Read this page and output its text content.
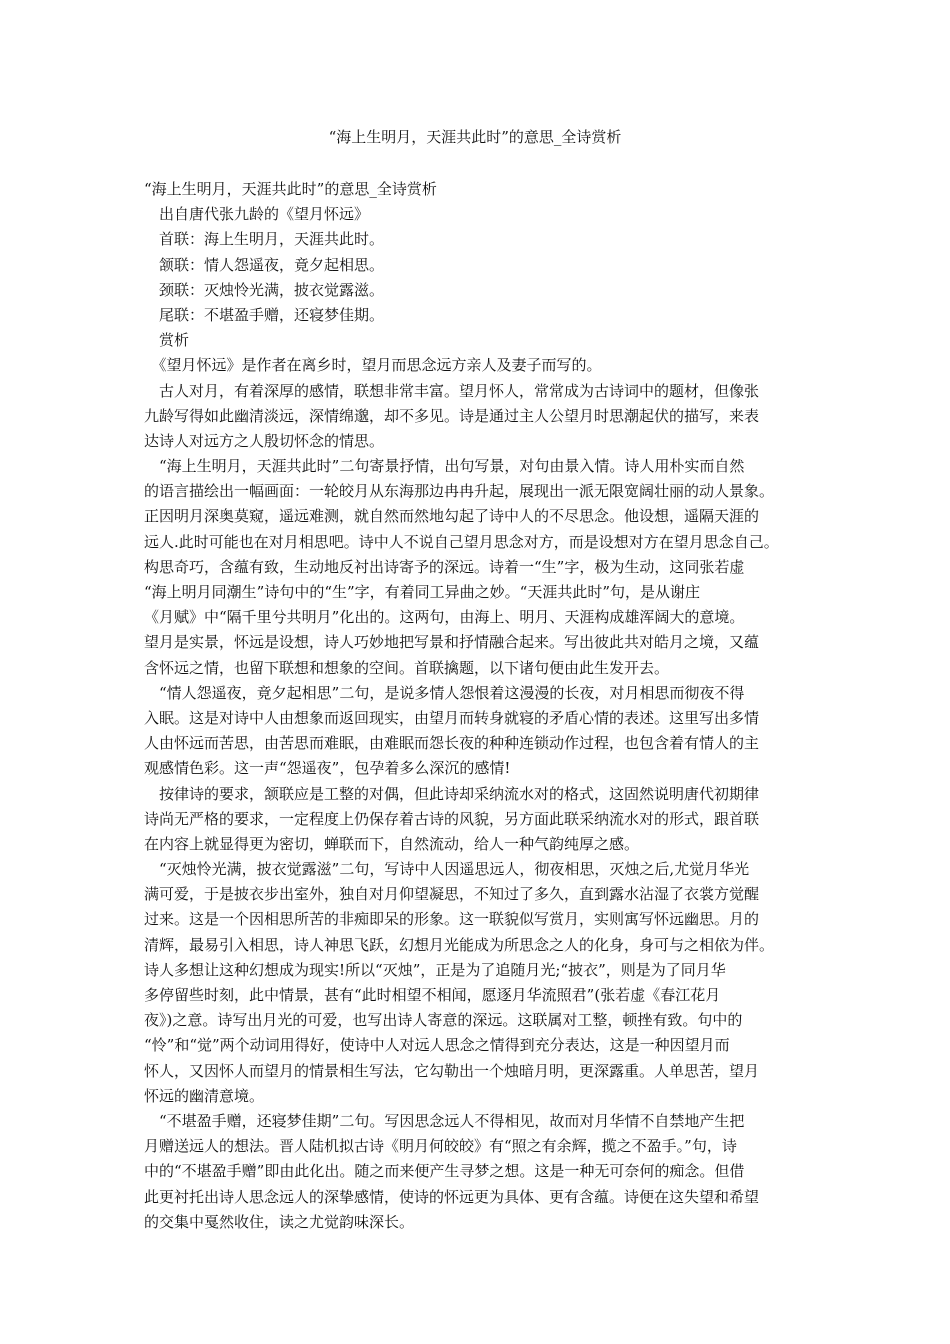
“海上生明月，天涯共此时”的意思_全诗赏析
“海上生明月，天涯共此时”的意思_全诗赏析
　出自唐代张九龄的《望月怀远》
　首联：海上生明月，天涯共此时。
　颔联：情人怨遥夜，竟夕起相思。
　颈联：灭烛怜光满，披衣觉露滋。
　尾联：不堪盈手赠，还寝梦佳期。
　赏析
　《望月怀远》是作者在离乡时，望月而思念远方亲人及妻子而写的。
　古人对月，有着深厚的感情，联想非常丰富。望月怀人，常常成为古诗词中的题材，但像张
九龄写得如此幽清淡远，深情绵邈，却不多见。诗是通过主人公望月时思潮起伏的描写，来表
达诗人对远方之人殷切怀念的情思。
　“海上生明月，天涯共此时”二句寄景抒情，出句写景，对句由景入情。诗人用朴实而自然
的语言描绘出一幅画面：一轮皎月从东海那边冉冉升起，展现出一派无限宽阔壮丽的动人景象。
正因明月深奥莫窥，遥远难测，就自然而然地勾起了诗中人的不尽思念。他设想，遥隔天涯的
远人.此时可能也在对月相思吧。诗中人不说自己望月思念对方，而是设想对方在望月思念自己。
构思奇巧，含蕴有致，生动地反衬出诗寄予的深远。诗着一“生”字，极为生动，这同张若虚
“海上明月同潮生”诗句中的“生”字，有着同工异曲之妙。“天涯共此时”句，是从谢庄
《月赋》中“隔千里兮共明月”化出的。这两句，由海上、明月、天涯构成雄浑阔大的意境。
望月是实景，怀远是设想，诗人巧妙地把写景和抒情融合起来。写出彼此共对皓月之境，又蕴
含怀远之情，也留下联想和想象的空间。首联擒题，以下诸句便由此生发开去。
　“情人怨遥夜，竟夕起相思”二句，是说多情人怨恨着这漫漫的长夜，对月相思而彻夜不得
入眠。这是对诗中人由想象而返回现实，由望月而转身就寝的矛盾心情的表述。这里写出多情
人由怀远而苦思，由苦思而难眠，由难眠而怨长夜的种种连锁动作过程，也包含着有情人的主
观感情色彩。这一声“怨遥夜”，包孕着多么深沉的感情!
　按律诗的要求，颔联应是工整的对偶，但此诗却采纳流水对的格式，这固然说明唐代初期律
诗尚无严格的要求，一定程度上仍保存着古诗的风貌，另方面此联采纳流水对的形式，跟首联
在内容上就显得更为密切，蝉联而下，自然流动，给人一种气韵纯厚之感。
　“灭烛怜光满，披衣觉露滋”二句，写诗中人因遥思远人，彻夜相思，灭烛之后,尤觉月华光
满可爱，于是披衣步出室外，独自对月仰望凝思，不知过了多久，直到露水沾湿了衣裳方觉醒
过来。这是一个因相思所苦的非痴即呆的形象。这一联貌似写赏月，实则寓写怀远幽思。月的
清辉，最易引入相思，诗人神思飞跃，幻想月光能成为所思念之人的化身，身可与之相依为伴。
诗人多想让这种幻想成为现实!所以“灭烛”，正是为了追随月光;“披衣”，则是为了同月华
多停留些时刻，此中情景，甚有“此时相望不相闻，愿逐月华流照君”(张若虚《春江花月
夜》)之意。诗写出月光的可爱，也写出诗人寄意的深远。这联属对工整，顿挫有致。句中的
“怜”和“觉”两个动词用得好，使诗中人对远人思念之情得到充分表达，这是一种因望月而
怀人，又因怀人而望月的情景相生写法，它勾勒出一个烛暗月明，更深露重。人单思苦，望月
怀远的幽清意境。
　“不堪盈手赠，还寝梦佳期”二句。写因思念远人不得相见，故而对月华情不自禁地产生把
月赠送远人的想法。晋人陆机拟古诗《明月何皎皎》有“照之有余辉，揽之不盈手。”句，诗
中的“不堪盈手赠”即由此化出。随之而来便产生寻梦之想。这是一种无可奈何的痴念。但借
此更衬托出诗人思念远人的深挚感情，使诗的怀远更为具体、更有含蕴。诗便在这失望和希望
的交集中戛然收住，读之尤觉韵味深长。
